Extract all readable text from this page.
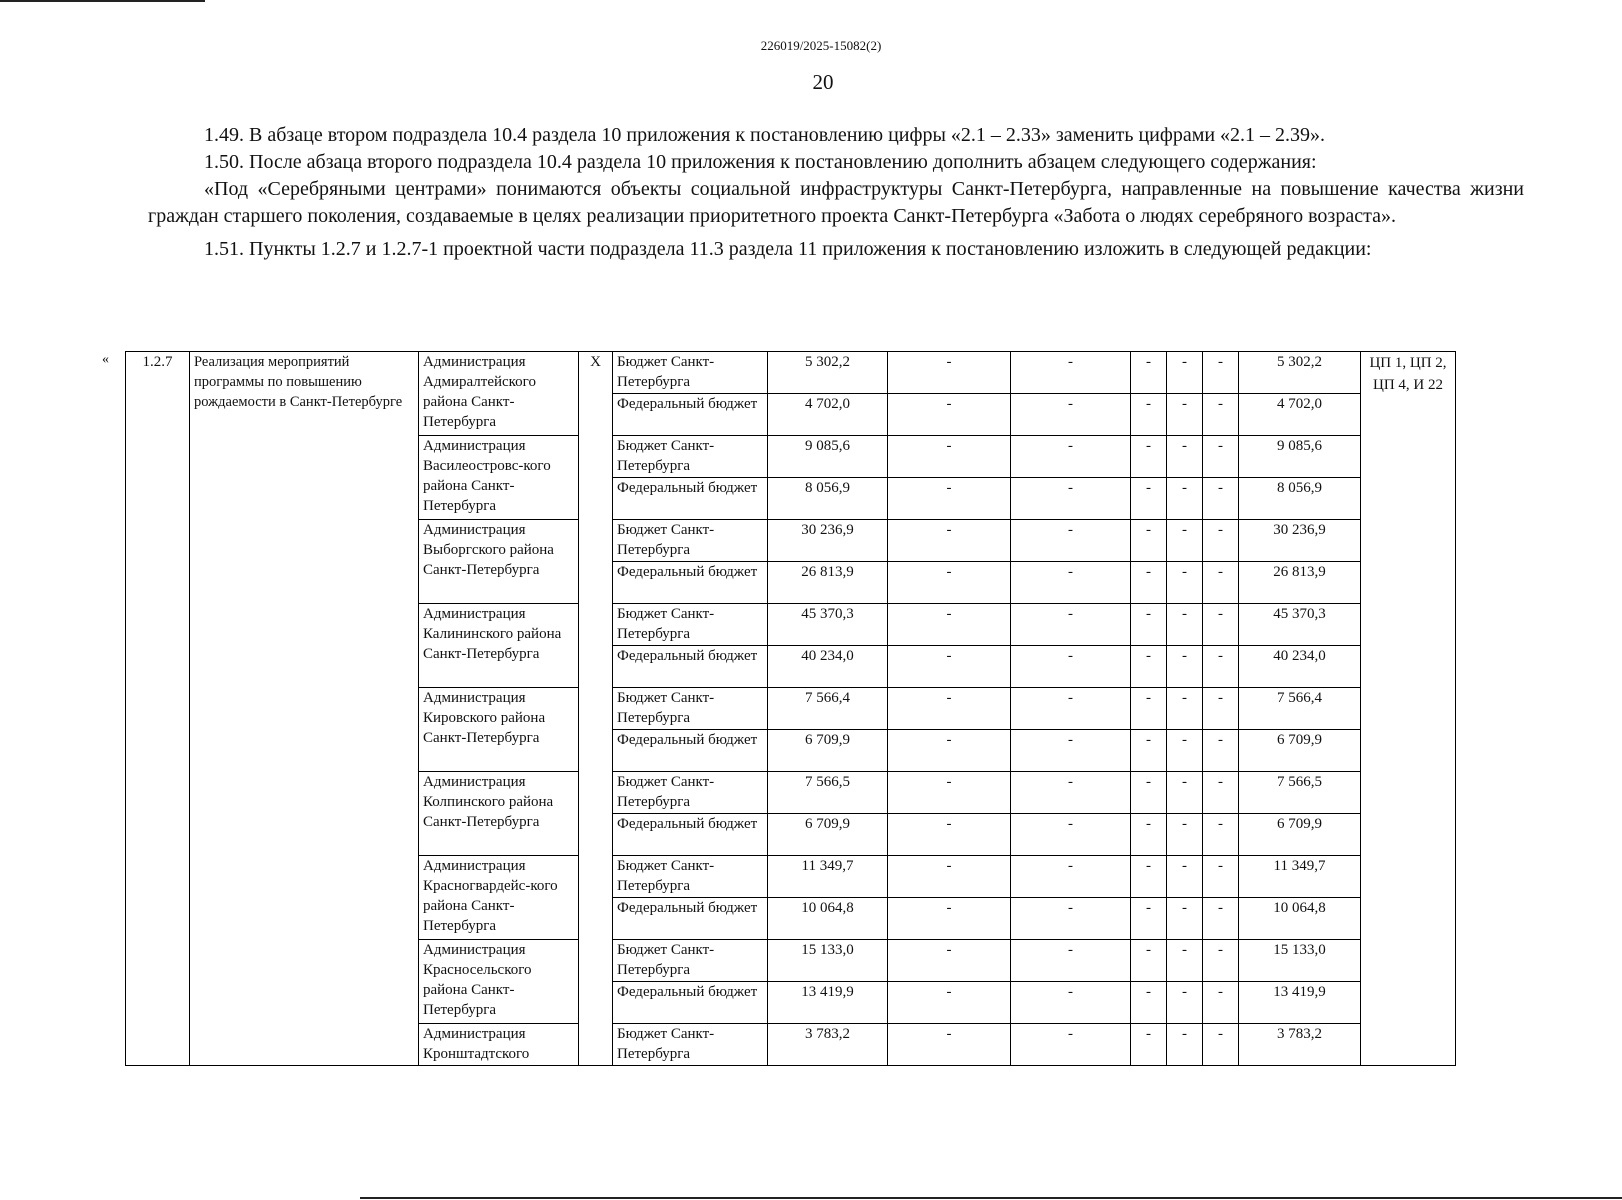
226019/2025-15082(2)
20

1.49. В абзаце втором подраздела 10.4 раздела 10 приложения к постановлению цифры «2.1 – 2.33» заменить цифрами «2.1 – 2.39».

1.50. После абзаца второго подраздела 10.4 раздела 10 приложения к постановлению дополнить абзацем следующего содержания:

«Под «Серебряными центрами» понимаются объекты социальной инфраструктуры Санкт-Петербурга, направленные на повышение качества жизни граждан старшего поколения, создаваемые в целях реализации приоритетного проекта Санкт-Петербурга «Забота о людях серебряного возраста».

1.51. Пункты 1.2.7 и 1.2.7-1 проектной части подраздела 11.3 раздела 11 приложения к постановлению изложить в следующей редакции:

« 1.2.7	Реализация мероприятий программы по повышению рождаемости в Санкт-Петербурге	Администрация Адмиралтейского района Санкт-Петербурга	Х	Бюджет Санкт-Петербурга	5 302,2	-	-	-	-	-	5 302,2	ЦП 1, ЦП 2, ЦП 4, И 22
				Федеральный бюджет	4 702,0	-	-	-	-	-	4 702,0	
		Администрация Василеостровс-кого района Санкт-Петербурга		Бюджет Санкт-Петербурга	9 085,6	-	-	-	-	-	9 085,6	
				Федеральный бюджет	8 056,9	-	-	-	-	-	8 056,9	
		Администрация Выборгского района Санкт-Петербурга		Бюджет Санкт-Петербурга	30 236,9	-	-	-	-	-	30 236,9	
				Федеральный бюджет	26 813,9	-	-	-	-	-	26 813,9	
		Администрация Калининского района Санкт-Петербурга		Бюджет Санкт-Петербурга	45 370,3	-	-	-	-	-	45 370,3	
				Федеральный бюджет	40 234,0	-	-	-	-	-	40 234,0	
		Администрация Кировского района Санкт-Петербурга		Бюджет Санкт-Петербурга	7 566,4	-	-	-	-	-	7 566,4	
				Федеральный бюджет	6 709,9	-	-	-	-	-	6 709,9	
		Администрация Колпинского района Санкт-Петербурга		Бюджет Санкт-Петербурга	7 566,5	-	-	-	-	-	7 566,5	
				Федеральный бюджет	6 709,9	-	-	-	-	-	6 709,9	
		Администрация Красногвардейс-кого района Санкт-Петербурга		Бюджет Санкт-Петербурга	11 349,7	-	-	-	-	-	11 349,7	
				Федеральный бюджет	10 064,8	-	-	-	-	-	10 064,8	
		Администрация Красносельского района Санкт-Петербурга		Бюджет Санкт-Петербурга	15 133,0	-	-	-	-	-	15 133,0	
				Федеральный бюджет	13 419,9	-	-	-	-	-	13 419,9	
		Администрация Кронштадтского		Бюджет Санкт-Петербурга	3 783,2	-	-	-	-	-	3 783,2	
